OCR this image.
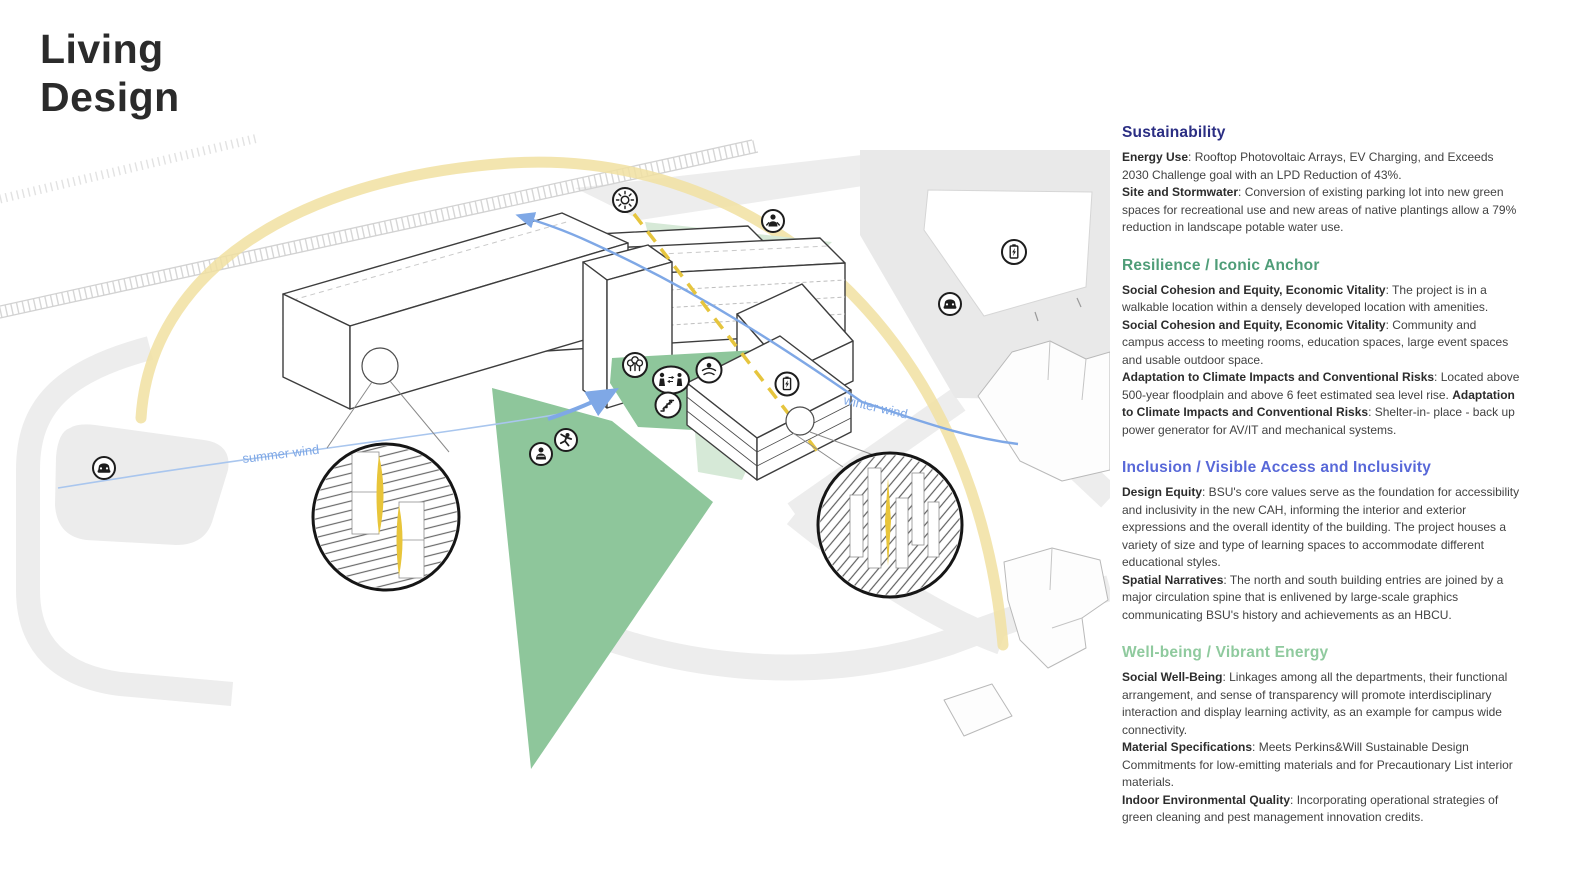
summer wind
winter wind
Living
Design
Sustainability

Energy Use: Rooftop Photovoltaic Arrays, EV Charging, and Exceeds 2030 Challenge goal with an LPD Reduction of 43%.

Site and Stormwater: Conversion of existing parking lot into new green spaces for recreational use and new areas of native plantings allow a 79% reduction in landscape potable water use.

Resilience / Iconic Anchor

Social Cohesion and Equity, Economic Vitality: The project is in a walkable location within a densely developed location with amenities.

Social Cohesion and Equity, Economic Vitality: Community and campus access to meeting rooms, education spaces, large event spaces and usable outdoor space.

Adaptation to Climate Impacts and Conventional Risks: Located above 500-year floodplain and above 6 feet estimated sea level rise. Adaptation to Climate Impacts and Conventional Risks: Shelter-in- place - back up power generator for AV/IT and mechanical systems.

Inclusion / Visible Access and Inclusivity

Design Equity: BSU's core values serve as the foundation for accessibility and inclusivity in the new CAH, informing the interior and exterior expressions and the overall identity of the building. The project houses a variety of size and type of learning spaces to accommodate different educational styles.

Spatial Narratives: The north and south building entries are joined by a major circulation spine that is enlivened by large-scale graphics communicating BSU's history and achievements as an HBCU.

Well-being / Vibrant Energy

Social Well-Being: Linkages among all the departments, their functional arrangement, and sense of transparency will promote interdisciplinary interaction and display learning activity, as an example for campus wide connectivity.

Material Specifications: Meets Perkins&Will Sustainable Design Commitments for low-emitting materials and for Precautionary List interior materials.

Indoor Environmental Quality: Incorporating operational strategies of green cleaning and pest management innovation credits.
